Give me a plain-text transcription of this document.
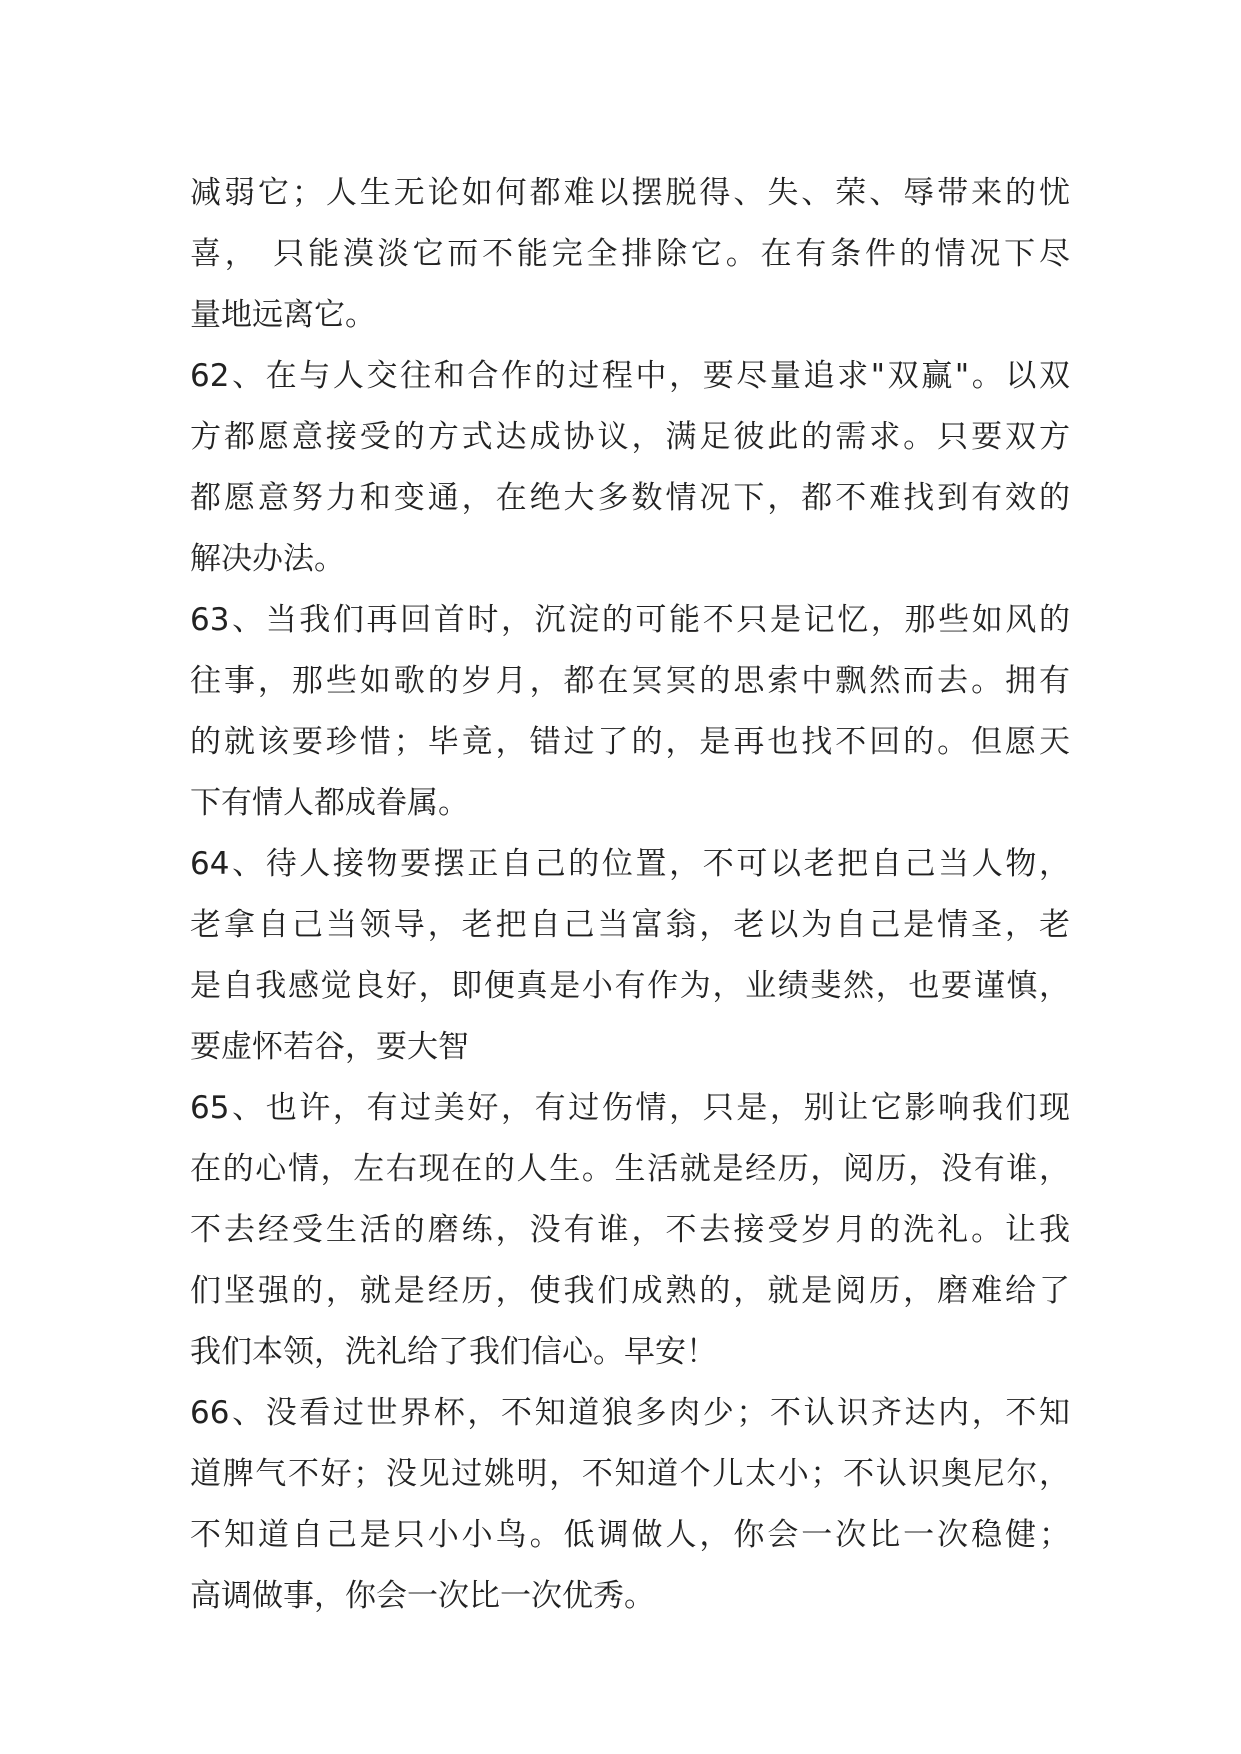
减弱它；人生无论如何都难以摆脱得、失、荣、辱带来的忧
喜， 只能漠淡它而不能完全排除它。在有条件的情况下尽
量地远离它。
62、在与人交往和合作的过程中，要尽量追求"双赢"。以双
方都愿意接受的方式达成协议，满足彼此的需求。只要双方
都愿意努力和变通，在绝大多数情况下，都不难找到有效的
解决办法。
63、当我们再回首时，沉淀的可能不只是记忆，那些如风的
往事，那些如歌的岁月，都在冥冥的思索中飘然而去。拥有
的就该要珍惜；毕竟，错过了的，是再也找不回的。但愿天
下有情人都成眷属。
64、待人接物要摆正自己的位置，不可以老把自己当人物，
老拿自己当领导，老把自己当富翁，老以为自己是情圣，老
是自我感觉良好，即便真是小有作为，业绩斐然，也要谨慎，
要虚怀若谷，要大智
65、也许，有过美好，有过伤情，只是，别让它影响我们现
在的心情，左右现在的人生。生活就是经历，阅历，没有谁，
不去经受生活的磨练，没有谁，不去接受岁月的洗礼。让我
们坚强的，就是经历，使我们成熟的，就是阅历，磨难给了
我们本领，洗礼给了我们信心。早安！
66、没看过世界杯，不知道狼多肉少；不认识齐达内，不知
道脾气不好；没见过姚明，不知道个儿太小；不认识奥尼尔，
不知道自己是只小小鸟。低调做人，你会一次比一次稳健；
高调做事，你会一次比一次优秀。
